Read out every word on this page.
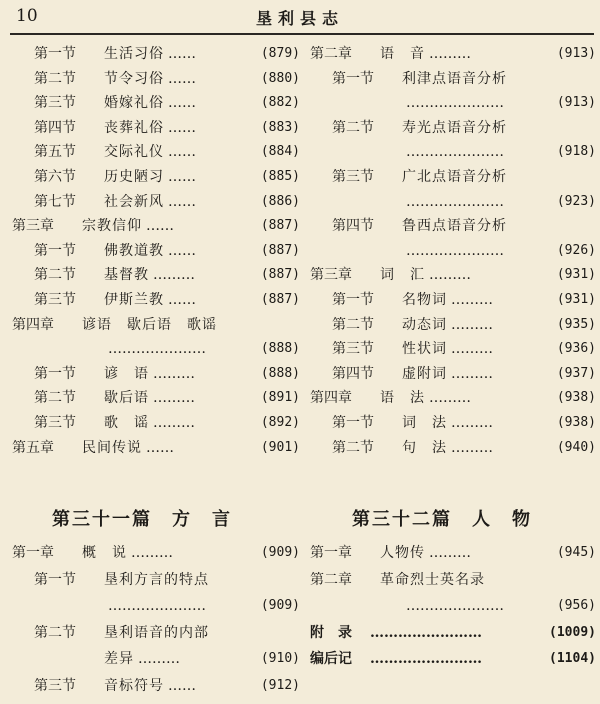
10	垦利县志
第一节 生活习俗 ……	(879)
第二节 节令习俗 ……	(880)
第三节 婚嫁礼俗 ……	(882)
第四节 丧葬礼俗 ……	(883)
第五节 交际礼仪 ……	(884)
第六节 历史陋习 ……	(885)
第七节 社会新风 ……	(886)
第三章 宗教信仰 ……	(887)
第一节 佛教道教 ……	(887)
第二节 基督教 ………	(887)
第三节 伊斯兰教 ……	(887)
第四章 谚语　歇后语　歌谣
…………………	(888)
第一节 谚　语 ………	(888)
第二节 歇后语 ………	(891)
第三节 歌　谣 ………	(892)
第五章 民间传说 ……	(901)
第三十一篇　方　言
第一章 概　说 ………	(909)
第一节 垦利方言的特点
…………………	(909)
第二节 垦利语音的内部
差异 ………	(910)
第三节 音标符号 ……	(912)
第二章 语　音 ………	(913)
第一节 利津点语音分析
…………………	(913)
第二节 寿光点语音分析
…………………	(918)
第三节 广北点语音分析
…………………	(923)
第四节 鲁西点语音分析
…………………	(926)
第三章 词　汇 ………	(931)
第一节 名物词 ………	(931)
第二节 动态词 ………	(935)
第三节 性状词 ………	(936)
第四节 虚附词 ………	(937)
第四章 语　法 ………	(938)
第一节 词　法 ………	(938)
第二节 句　法 ………	(940)
第三十二篇　人　物
第一章 人物传 ………	(945)
第二章 革命烈士英名录
…………………	(956)
附　录 ……………………	(1009)
编后记 ……………………	(1104)
